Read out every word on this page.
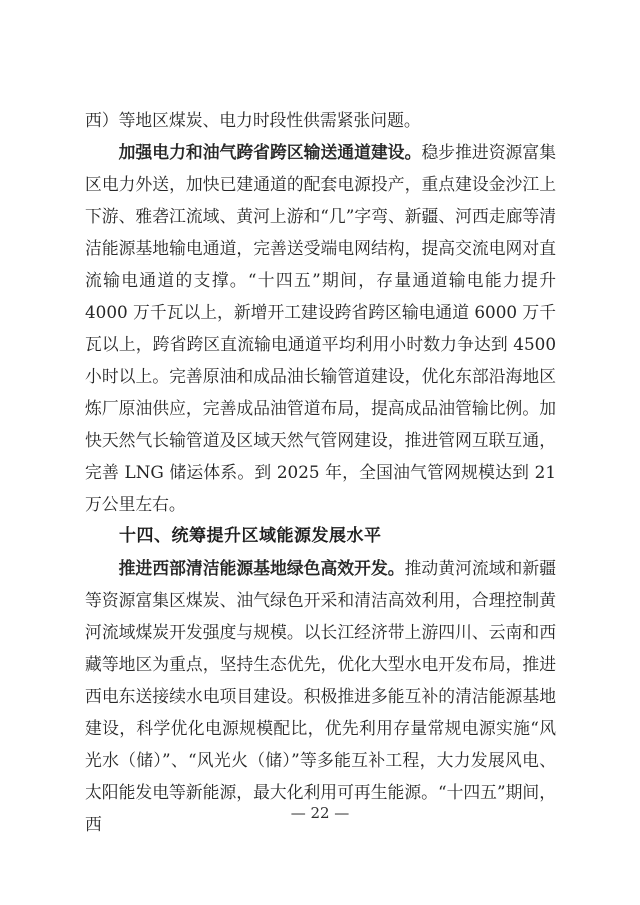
西）等地区煤炭、电力时段性供需紧张问题。

加强电力和油气跨省跨区输送通道建设。稳步推进资源富集区电力外送，加快已建通道的配套电源投产，重点建设金沙江上下游、雅砻江流域、黄河上游和“几”字弯、新疆、河西走廊等清洁能源基地输电通道，完善送受端电网结构，提高交流电网对直流输电通道的支撑。“十四五”期间，存量通道输电能力提升 4000 万千瓦以上，新增开工建设跨省跨区输电通道 6000 万千瓦以上，跨省跨区直流输电通道平均利用小时数力争达到 4500 小时以上。完善原油和成品油长输管道建设，优化东部沿海地区炼厂原油供应，完善成品油管道布局，提高成品油管输比例。加快天然气长输管道及区域天然气管网建设，推进管网互联互通，完善 LNG 储运体系。到 2025 年，全国油气管网规模达到 21 万公里左右。

十四、统筹提升区域能源发展水平

推进西部清洁能源基地绿色高效开发。推动黄河流域和新疆等资源富集区煤炭、油气绿色开采和清洁高效利用，合理控制黄河流域煤炭开发强度与规模。以长江经济带上游四川、云南和西藏等地区为重点，坚持生态优先，优化大型水电开发布局，推进西电东送接续水电项目建设。积极推进多能互补的清洁能源基地建设，科学优化电源规模配比，优先利用存量常规电源实施“风光水（储）”、“风光火（储）”等多能互补工程，大力发展风电、太阳能发电等新能源，最大化利用可再生能源。“十四五”期间，西

— 22 —
